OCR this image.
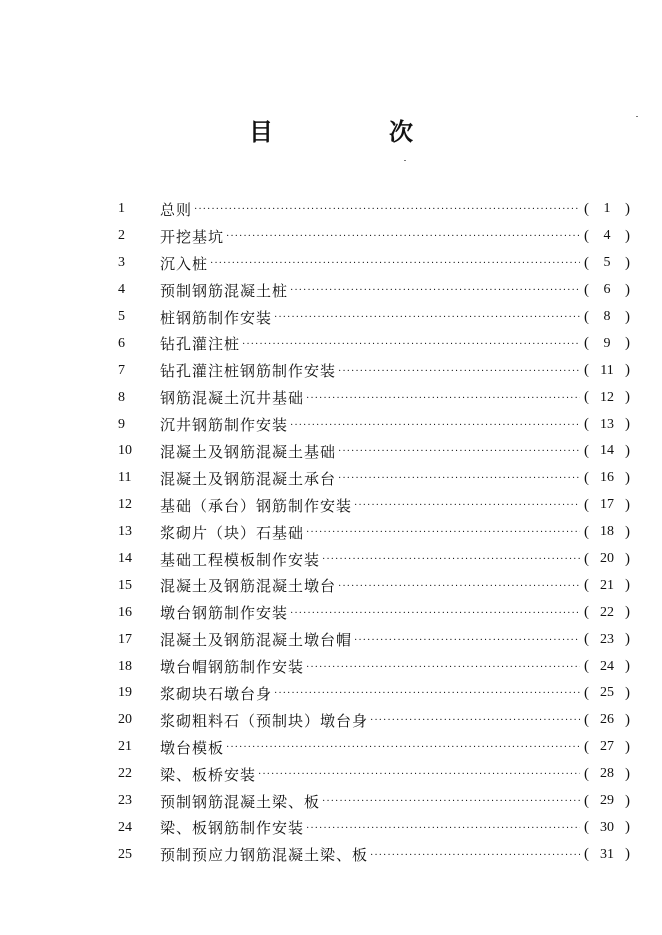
目　次
1	总则 ·····	(	1 )
2	开挖基坑 ·····	(	4 )
3	沉入桩 ·····	(	5 )
4	预制钢筋混凝土桩 ·····	(	6 )
5	桩钢筋制作安装 ·····	(	8 )
6	钻孔灌注桩 ·····	(	9 )
7	钻孔灌注桩钢筋制作安装 ·····	( 11 )
8	钢筋混凝土沉井基础 ·····	( 12 )
9	沉井钢筋制作安装 ·····	( 13 )
10	混凝土及钢筋混凝土基础 ·····	( 14 )
11	混凝土及钢筋混凝土承台 ·····	( 16 )
12	基础（承台）钢筋制作安装 ·····	( 17 )
13	浆砌片（块）石基础 ·····	( 18 )
14	基础工程模板制作安装 ·····	( 20 )
15	混凝土及钢筋混凝土墩台 ·····	( 21 )
16	墩台钢筋制作安装 ·····	( 22 )
17	混凝土及钢筋混凝土墩台帽 ·····	( 23 )
18	墩台帽钢筋制作安装 ·····	( 24 )
19	浆砌块石墩台身 ·····	( 25 )
20	浆砌粗料石（预制块）墩台身 ·····	( 26 )
21	墩台模板 ·····	( 27 )
22	梁、板桥安装 ·····	( 28 )
23	预制钢筋混凝土梁、板 ·····	( 29 )
24	梁、板钢筋制作安装 ·····	( 30 )
25	预制预应力钢筋混凝土梁、板 ·····	( 31 )
